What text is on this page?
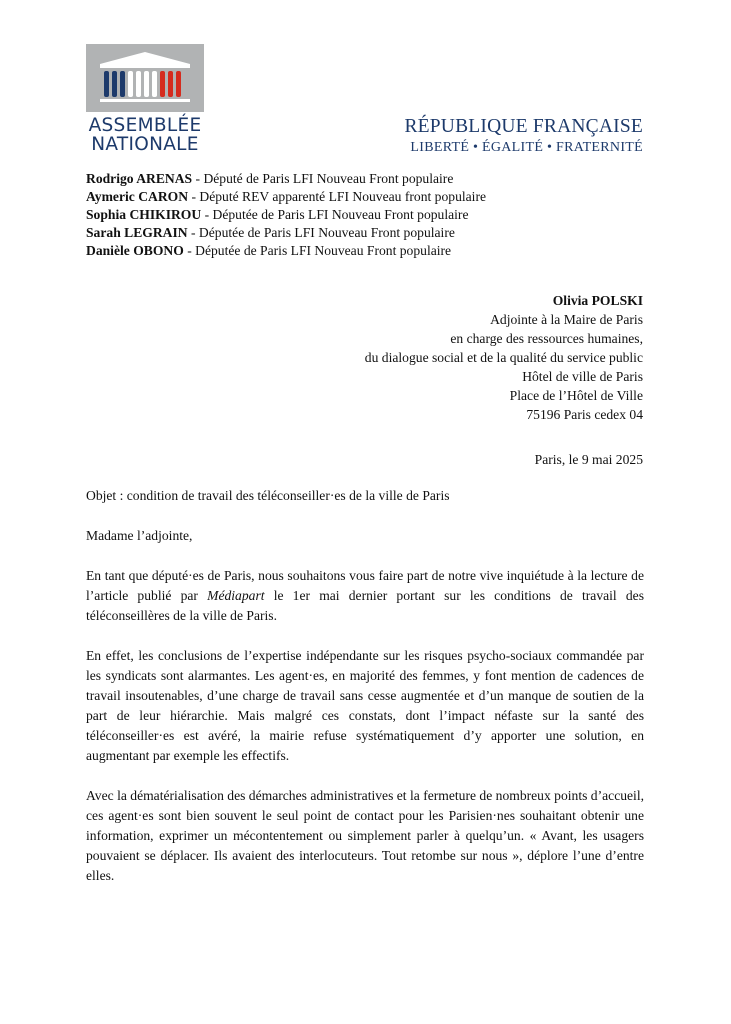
ASSEMBLÉE
NATIONALE
RÉPUBLIQUE FRANÇAISE
LIBERTÉ • ÉGALITÉ • FRATERNITÉ
Rodrigo ARENAS - Député de Paris LFI Nouveau Front populaire
Aymeric CARON - Député REV apparenté LFI Nouveau front populaire
Sophia CHIKIROU - Députée de Paris LFI Nouveau Front populaire
Sarah LEGRAIN - Députée de Paris LFI Nouveau Front populaire
Danièle OBONO - Députée de Paris LFI Nouveau Front populaire
Olivia POLSKI
Adjointe à la Maire de Paris
en charge des ressources humaines,
du dialogue social et de la qualité du service public
Hôtel de ville de Paris
Place de l’Hôtel de Ville
75196 Paris cedex 04
Paris, le 9 mai 2025
Objet : condition de travail des téléconseiller·es de la ville de Paris
Madame l’adjointe,
En tant que député·es de Paris, nous souhaitons vous faire part de notre vive inquiétude à la lecture de l’article publié par Médiapart le 1er mai dernier portant sur les conditions de travail des téléconseillères de la ville de Paris.
En effet, les conclusions de l’expertise indépendante sur les risques psycho-sociaux commandée par les syndicats sont alarmantes. Les agent·es, en majorité des femmes, y font mention de cadences de travail insoutenables, d’une charge de travail sans cesse augmentée et d’un manque de soutien de la part de leur hiérarchie. Mais malgré ces constats, dont l’impact néfaste sur la santé des téléconseiller·es est avéré, la mairie refuse systématiquement d’y apporter une solution, en augmentant par exemple les effectifs.
Avec la dématérialisation des démarches administratives et la fermeture de nombreux points d’accueil, ces agent·es sont bien souvent le seul point de contact pour les Parisien·nes souhaitant obtenir une information, exprimer un mécontentement ou simplement parler à quelqu’un. « Avant, les usagers pouvaient se déplacer. Ils avaient des interlocuteurs. Tout retombe sur nous », déplore l’une d’entre elles.
